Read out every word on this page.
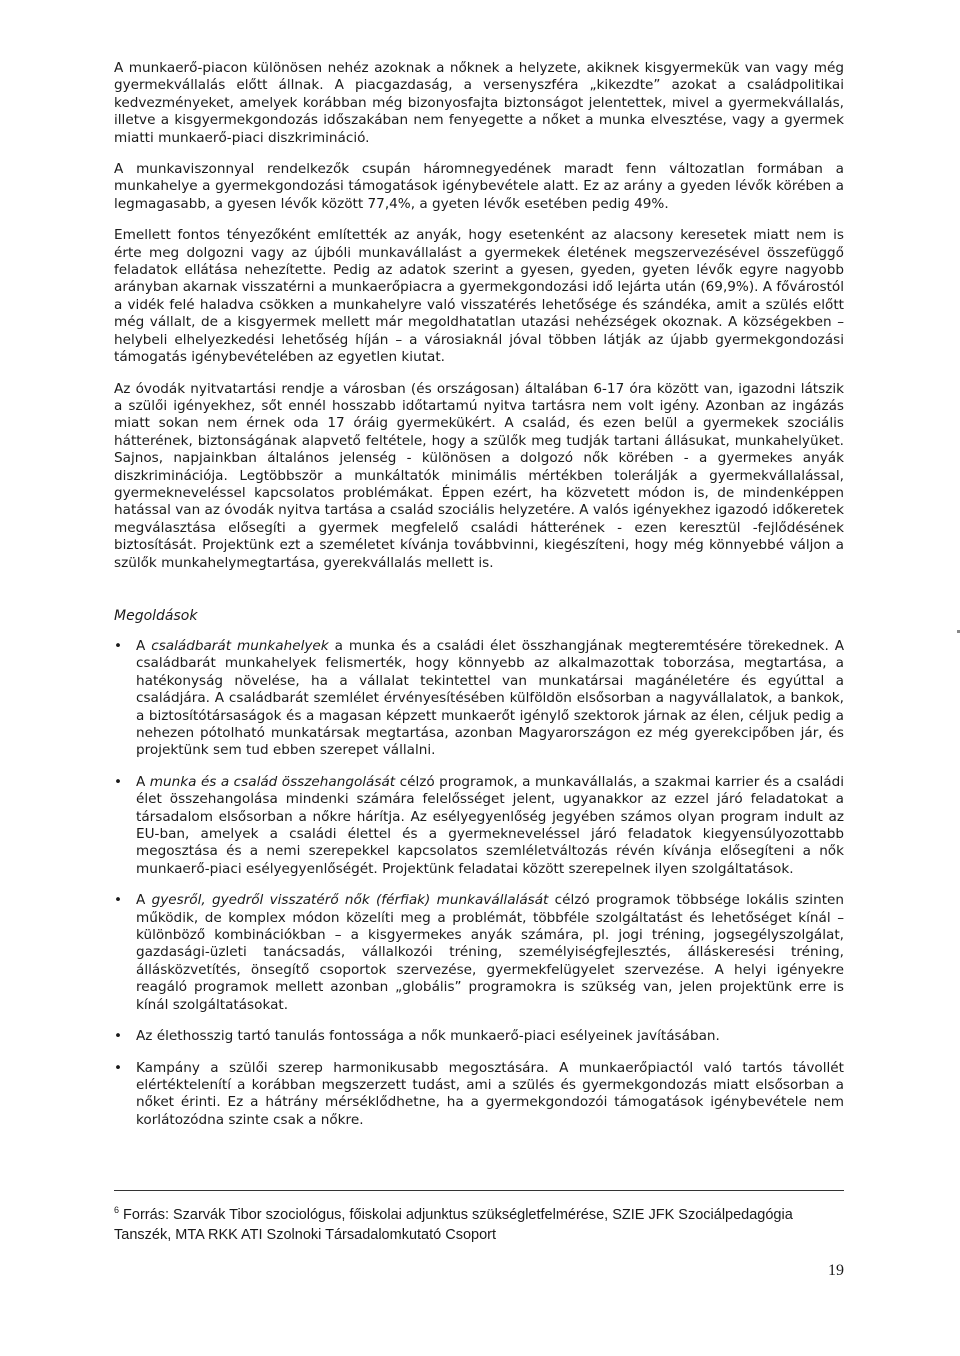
A munkaerő-piacon különösen nehéz azoknak a nőknek a helyzete, akiknek kisgyermekük van vagy még gyermekvállalás előtt állnak. A piacgazdaság, a versenyszféra „kikezdte” azokat a családpolitikai kedvezményeket, amelyek korábban még bizonyosfajta biztonságot jelentettek, mivel a gyermekvállalás, illetve a kisgyermekgondozás időszakában nem fenyegette a nőket a munka elvesztése, vagy a gyermek miatti munkaerő-piaci diszkrimináció.

A munkaviszonnyal rendelkezők csupán háromnegyedének maradt fenn változatlan formában a munkahelye a gyermekgondozási támogatások igénybevétele alatt. Ez az arány a gyeden lévők körében a legmagasabb, a gyesen lévők között 77,4%, a gyeten lévők esetében pedig 49%.

Emellett fontos tényezőként említették az anyák, hogy esetenként az alacsony keresetek miatt nem is érte meg dolgozni vagy az újbóli munkavállalást a gyermekek életének megszervezésével összefüggő feladatok ellátása nehezítette. Pedig az adatok szerint a gyesen, gyeden, gyeten lévők egyre nagyobb arányban akarnak visszatérni a munkaerőpiacra a gyermekgondozási idő lejárta után (69,9%). A fővárostól a vidék felé haladva csökken a munkahelyre való visszatérés lehetősége és szándéka, amit a szülés előtt még vállalt, de a kisgyermek mellett már megoldhatatlan utazási nehézségek okoznak. A községekben – helybeli elhelyezkedési lehetőség híján – a városiaknál jóval többen látják az újabb gyermekgondozási támogatás igénybevételében az egyetlen kiutat.

Az óvodák nyitvatartási rendje a városban (és országosan) általában 6-17 óra között van, igazodni látszik a szülői igényekhez, sőt ennél hosszabb időtartamú nyitva tartásra nem volt igény. Azonban az ingázás miatt sokan nem érnek oda 17 óráig gyermekükért. A család, és ezen belül a gyermekek szociális hátterének, biztonságának alapvető feltétele, hogy a szülők meg tudják tartani állásukat, munkahelyüket. Sajnos, napjainkban általános jelenség - különösen a dolgozó nők körében - a gyermekes anyák diszkriminációja. Legtöbbször a munkáltatók minimális mértékben tolerálják a gyermekvállalással, gyermekneveléssel kapcsolatos problémákat. Éppen ezért, ha közvetett módon is, de mindenképpen hatással van az óvodák nyitva tartása a család szociális helyzetére. A valós igényekhez igazodó időkeretek megválasztása elősegíti a gyermek megfelelő családi hátterének - ezen keresztül -fejlődésének biztosítását. Projektünk ezt a személetet kívánja továbbvinni, kiegészíteni, hogy még könnyebbé váljon a szülők munkahelymegtartása, gyerekvállalás mellett is.

Megoldások
• A családbarát munkahelyek a munka és a családi élet összhangjának megteremtésére törekednek. A családbarát munkahelyek felismerték, hogy könnyebb az alkalmazottak toborzása, megtartása, a hatékonyság növelése, ha a vállalat tekintettel van munkatársai magánéletére és egyúttal a családjára. A családbarát szemlélet érvényesítésében külföldön elsősorban a nagyvállalatok, a bankok, a biztosítótársaságok és a magasan képzett munkaerőt igénylő szektorok járnak az élen, céljuk pedig a nehezen pótolható munkatársak megtartása, azonban Magyarországon ez még gyerekcipőben jár, és projektünk sem tud ebben szerepet vállalni.
• A munka és a család összehangolását célzó programok, a munkavállalás, a szakmai karrier és a családi élet összehangolása mindenki számára felelősséget jelent, ugyanakkor az ezzel járó feladatokat a társadalom elsősorban a nőkre hárítja. Az esélyegyenlőség jegyében számos olyan program indult az EU-ban, amelyek a családi élettel és a gyermekneveléssel járó feladatok kiegyensúlyozottabb megosztása és a nemi szerepekkel kapcsolatos szemléletváltozás révén kívánja elősegíteni a nők munkaerő-piaci esélyegyenlőségét. Projektünk feladatai között szerepelnek ilyen szolgáltatások.
• A gyesről, gyedről visszatérő nők (férfiak) munkavállalását célzó programok többsége lokális szinten működik, de komplex módon közelíti meg a problémát, többféle szolgáltatást és lehetőséget kínál – különböző kombinációkban – a kisgyermekes anyák számára, pl. jogi tréning, jogsegélyszolgálat, gazdasági-üzleti tanácsadás, vállalkozói tréning, személyiségfejlesztés, álláskeresési tréning, állásközvetítés, önsegítő csoportok szervezése, gyermekfelügyelet szervezése. A helyi igényekre reagáló programok mellett azonban „globális” programokra is szükség van, jelen projektünk erre is kínál szolgáltatásokat.
• Az élethosszig tartó tanulás fontossága a nők munkaerő-piaci esélyeinek javításában.
• Kampány a szülői szerep harmonikusabb megosztására. A munkaerőpiactól való tartós távollét elértéktelenítí a korábban megszerzett tudást, ami a szülés és gyermekgondozás miatt elsősorban a nőket érinti. Ez a hátrány mérséklődhetne, ha a gyermekgondozói támogatások igénybevétele nem korlátozódna szinte csak a nőkre.
$^6$ Forrás: Szarvák Tibor szociológus, főiskolai adjunktus szükségletfelmérése, SZIE JFK Szociálpedagógia Tanszék, MTA RKK ATI Szolnoki Társadalomkutató Csoport
19
